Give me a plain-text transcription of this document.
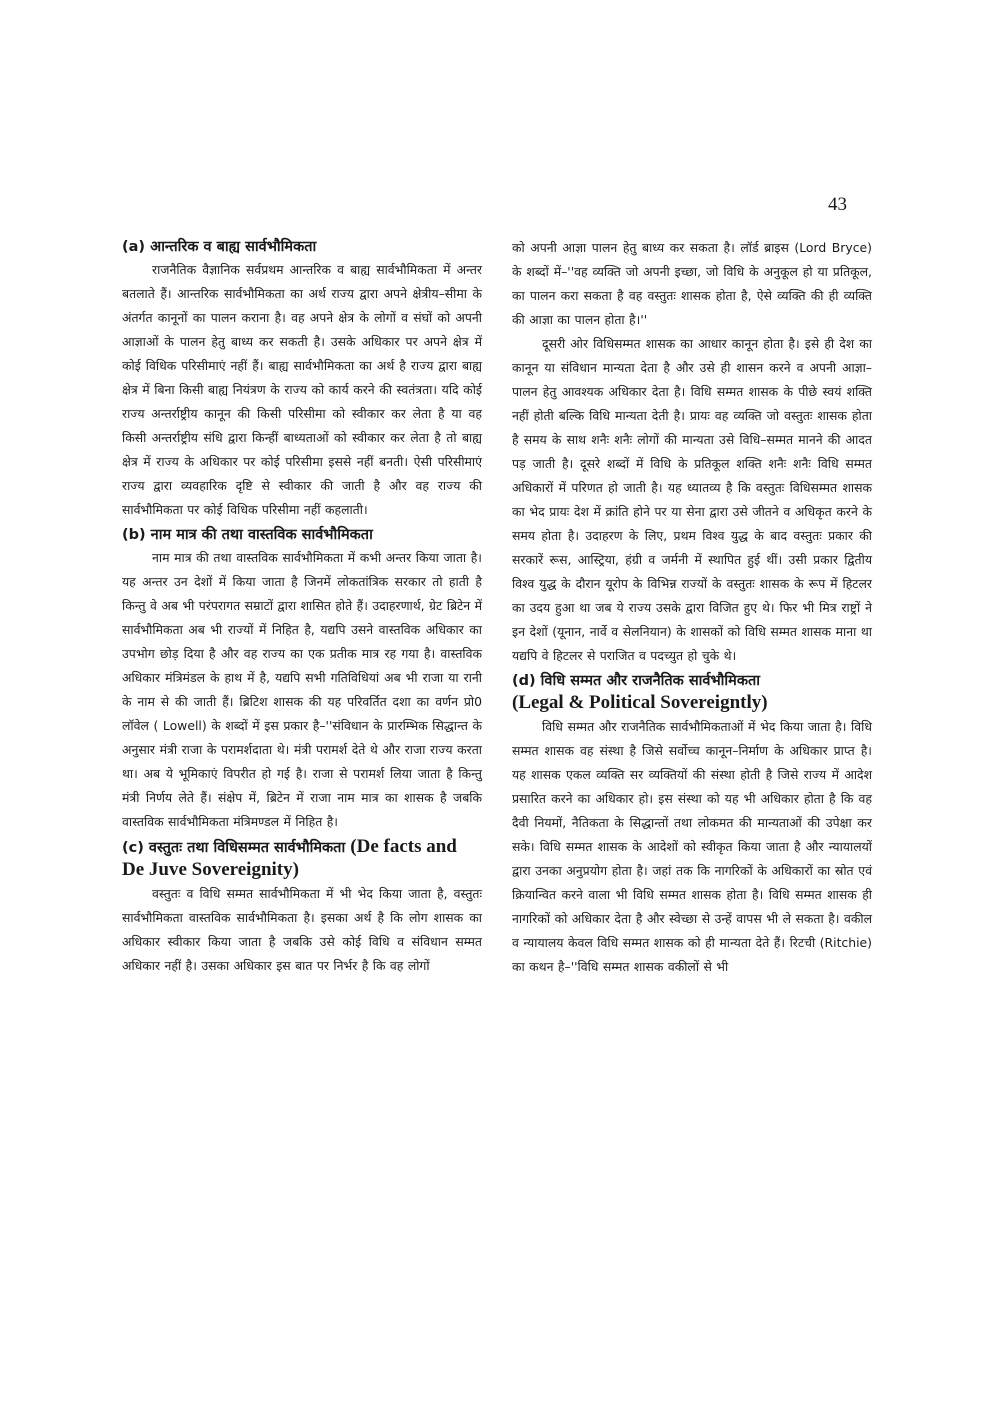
43
(a) आन्तरिक व बाह्य सार्वभौमिकता

राजनैतिक वैज्ञानिक सर्वप्रथम आन्तरिक व बाह्य सार्वभौमिकता में अन्तर बतलाते हैं। आन्तरिक सार्वभौमिकता का अर्थ राज्य द्वारा अपने क्षेत्रीय–सीमा के अंतर्गत कानूनों का पालन कराना है। वह अपने क्षेत्र के लोगों व संघों को अपनी आज्ञाओं के पालन हेतु बाध्य कर सकती है। उसके अधिकार पर अपने क्षेत्र में कोई विधिक परिसीमाएं नहीं हैं। बाह्य सार्वभौमिकता का अर्थ है राज्य द्वारा बाह्य क्षेत्र में बिना किसी बाह्य नियंत्रण के राज्य को कार्य करने की स्वतंत्रता। यदि कोई राज्य अन्तर्राष्ट्रीय कानून की किसी परिसीमा को स्वीकार कर लेता है या वह किसी अन्तर्राष्ट्रीय संधि द्वारा किन्हीं बाध्यताओं को स्वीकार कर लेता है तो बाह्य क्षेत्र में राज्य के अधिकार पर कोई परिसीमा इससे नहीं बनती। ऐसी परिसीमाएं राज्य द्वारा व्यवहारिक दृष्टि से स्वीकार की जाती है और वह राज्य की सार्वभौमिकता पर कोई विधिक परिसीमा नहीं कहलाती।

(b) नाम मात्र की तथा वास्तविक सार्वभौमिकता

नाम मात्र की तथा वास्तविक सार्वभौमिकता में कभी अन्तर किया जाता है। यह अन्तर उन देशों में किया जाता है जिनमें लोकतांत्रिक सरकार तो हाती है किन्तु वे अब भी परंपरागत सम्राटों द्वारा शासित होते हैं। उदाहरणार्थ, ग्रेट ब्रिटेन में सार्वभौमिकता अब भी राज्यों में निहित है, यद्यपि उसने वास्तविक अधिकार का उपभोग छोड़ दिया है और वह राज्य का एक प्रतीक मात्र रह गया है। वास्तविक अधिकार मंत्रिमंडल के हाथ में है, यद्यपि सभी गतिविधियां अब भी राजा या रानी के नाम से की जाती हैं। ब्रिटिश शासक की यह परिवर्तित दशा का वर्णन प्रो0 लॉवेल ( Lowell) के शब्दों में इस प्रकार है–''संविधान के प्रारम्भिक सिद्धान्त के अनुसार मंत्री राजा के परामर्शदाता थे। मंत्री परामर्श देते थे और राजा राज्य करता था। अब ये भूमिकाएं विपरीत हो गई है। राजा से परामर्श लिया जाता है किन्तु मंत्री निर्णय लेते हैं। संक्षेप में, ब्रिटेन में राजा नाम मात्र का शासक है जबकि वास्तविक सार्वभौमिकता मंत्रिमण्डल में निहित है।

(c) वस्तुतः तथा विधिसम्मत सार्वभौमिकता (De facts and De Juve Sovereignity)

वस्तुतः व विधि सम्मत सार्वभौमिकता में भी भेद किया जाता है, वस्तुतः सार्वभौमिकता वास्तविक सार्वभौमिकता है। इसका अर्थ है कि लोग शासक का अधिकार स्वीकार किया जाता है जबकि उसे कोई विधि व संविधान सम्मत अधिकार नहीं है। उसका अधिकार इस बात पर निर्भर है कि वह लोगों

को अपनी आज्ञा पालन हेतु बाध्य कर सकता है। लॉर्ड ब्राइस (Lord Bryce) के शब्दों में–''वह व्यक्ति जो अपनी इच्छा, जो विधि के अनुकूल हो या प्रतिकूल, का पालन करा सकता है वह वस्तुतः शासक होता है, ऐसे व्यक्ति की ही व्यक्ति की आज्ञा का पालन होता है।''

दूसरी ओर विधिसम्मत शासक का आधार कानून होता है। इसे ही देश का कानून या संविधान मान्यता देता है और उसे ही शासन करने व अपनी आज्ञा–पालन हेतु आवश्यक अधिकार देता है। विधि सम्मत शासक के पीछे स्वयं शक्ति नहीं होती बल्कि विधि मान्यता देती है। प्रायः वह व्यक्ति जो वस्तुतः शासक होता है समय के साथ शनैः शनैः लोगों की मान्यता उसे विधि–सम्मत मानने की आदत पड़ जाती है। दूसरे शब्दों में विधि के प्रतिकूल शक्ति शनैः शनैः विधि सम्मत अधिकारों में परिणत हो जाती है। यह ध्यातव्य है कि वस्तुतः विधिसम्मत शासक का भेद प्रायः देश में क्रांति होने पर या सेना द्वारा उसे जीतने व अधिकृत करने के समय होता है। उदाहरण के लिए, प्रथम विश्व युद्ध के बाद वस्तुतः प्रकार की सरकारें रूस, आस्ट्रिया, हंग्री व जर्मनी में स्थापित हुई थीं। उसी प्रकार द्वितीय विश्व युद्ध के दौरान यूरोप के विभिन्न राज्यों के वस्तुतः शासक के रूप में हिटलर का उदय हुआ था जब ये राज्य उसके द्वारा विजित हुए थे। फिर भी मित्र राष्ट्रों ने इन देशों (यूनान, नार्वे व सेलनियान) के शासकों को विधि सम्मत शासक माना था यद्यपि वे हिटलर से पराजित व पदच्युत हो चुके थे।

(d) विधि सम्मत और राजनैतिक सार्वभौमिकता
(Legal & Political Sovereigntly)

विधि सम्मत और राजनैतिक सार्वभौमिकताओं में भेद किया जाता है। विधि सम्मत शासक वह संस्था है जिसे सर्वोच्च कानून–निर्माण के अधिकार प्राप्त है। यह शासक एकल व्यक्ति सर व्यक्तियों की संस्था होती है जिसे राज्य में आदेश प्रसारित करने का अधिकार हो। इस संस्था को यह भी अधिकार होता है कि वह दैवी नियमों, नैतिकता के सिद्धान्तों तथा लोकमत की मान्यताओं की उपेक्षा कर सके। विधि सम्मत शासक के आदेशों को स्वीकृत किया जाता है और न्यायालयों द्वारा उनका अनुप्रयोग होता है। जहां तक कि नागरिकों के अधिकारों का स्रोत एवं क्रियान्वित करने वाला भी विधि सम्मत शासक होता है। विधि सम्मत शासक ही नागरिकों को अधिकार देता है और स्वेच्छा से उन्हें वापस भी ले सकता है। वकील व न्यायालय केवल विधि सम्मत शासक को ही मान्यता देते हैं। रिटची (Ritchie) का कथन है–''विधि सम्मत शासक वकीलों से भी
